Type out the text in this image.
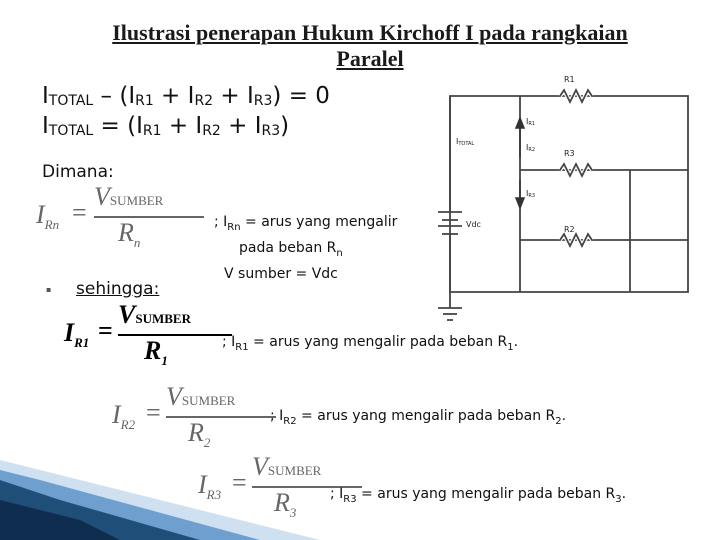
Ilustrasi penerapan Hukum Kirchoff I pada rangkaian
Paralel
$I_{TOTAL} - (I_{R1} + I_{R2} + I_{R3}) = 0$
$I_{TOTAL} = (I_{R1} + I_{R2} + I_{R3})$
Dimana:
$I_{Rn}$ =
VSUMBER
$R_n$
; $I_{Rn}$ = arus yang mengalir
pada beban $R_n$
V sumber = Vdc
▪ sehingga:
$I_{R1}$ =
VSUMBER
$R_1$
; $I_{R1}$ = arus yang mengalir pada beban $R_1$.
$I_{R2}$ =
VSUMBER
$R_2$
; $I_{R2}$ = arus yang mengalir pada beban $R_2$.
$I_{R3}$ =
VSUMBER
$R_3$
; $I_{R3}$ = arus yang mengalir pada beban $R_3$.
R1
R3
R2
ITOTAL
IR1
IR2
IR3
Vdc
